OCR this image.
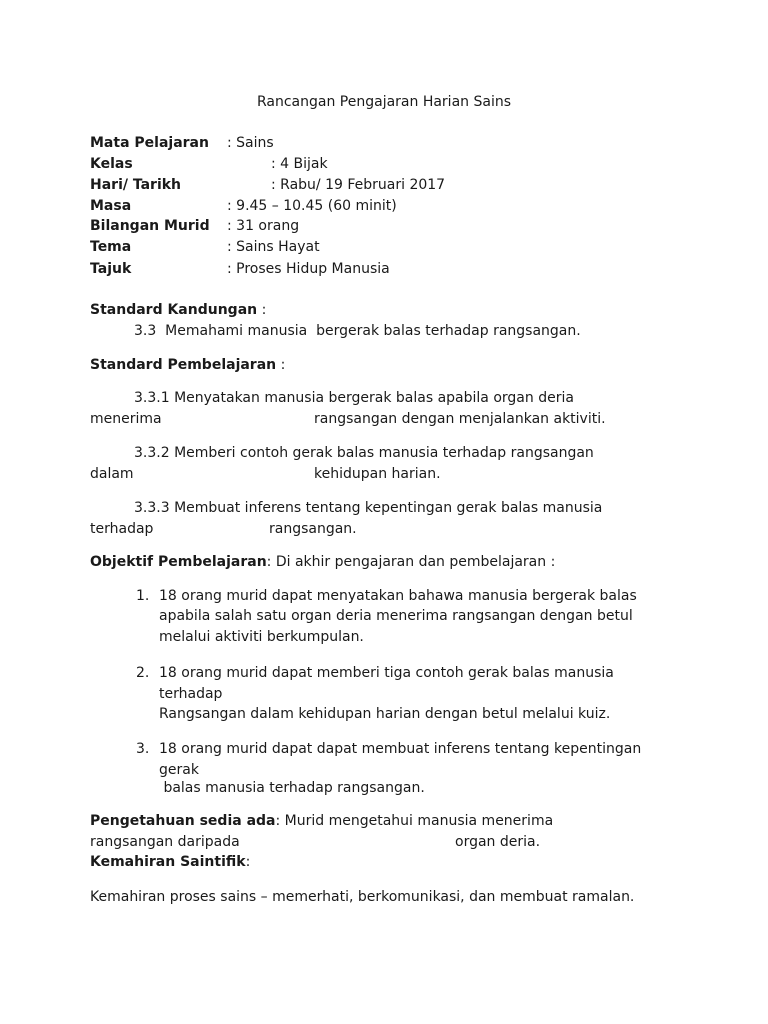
Rancangan Pengajaran Harian Sains
Mata Pelajaran : Sains
Kelas	: 4 Bijak
Hari/ Tarikh	: Rabu/ 19 Februari 2017
Masa	: 9.45 – 10.45 (60 minit)
Bilangan Murid : 31 orang
Tema	: Sains Hayat
Tajuk	: Proses Hidup Manusia
Standard Kandungan :
3.3  Memahami manusia  bergerak balas terhadap rangsangan.
Standard Pembelajaran :
3.3.1 Menyatakan manusia bergerak balas apabila organ deria
menerima	rangsangan dengan menjalankan aktiviti.
3.3.2 Memberi contoh gerak balas manusia terhadap rangsangan
dalam	kehidupan harian.
3.3.3 Membuat inferens tentang kepentingan gerak balas manusia
terhadap	rangsangan.
Objektif Pembelajaran: Di akhir pengajaran dan pembelajaran :
1. 18 orang murid dapat menyatakan bahawa manusia bergerak balas
apabila salah satu organ deria menerima rangsangan dengan betul
melalui aktiviti berkumpulan.
2. 18 orang murid dapat memberi tiga contoh gerak balas manusia
terhadap
Rangsangan dalam kehidupan harian dengan betul melalui kuiz.
3. 18 orang murid dapat dapat membuat inferens tentang kepentingan
gerak
balas manusia terhadap rangsangan.
Pengetahuan sedia ada: Murid mengetahui manusia menerima
rangsangan daripada	organ deria.
Kemahiran Saintifik:
Kemahiran proses sains – memerhati, berkomunikasi, dan membuat ramalan.
